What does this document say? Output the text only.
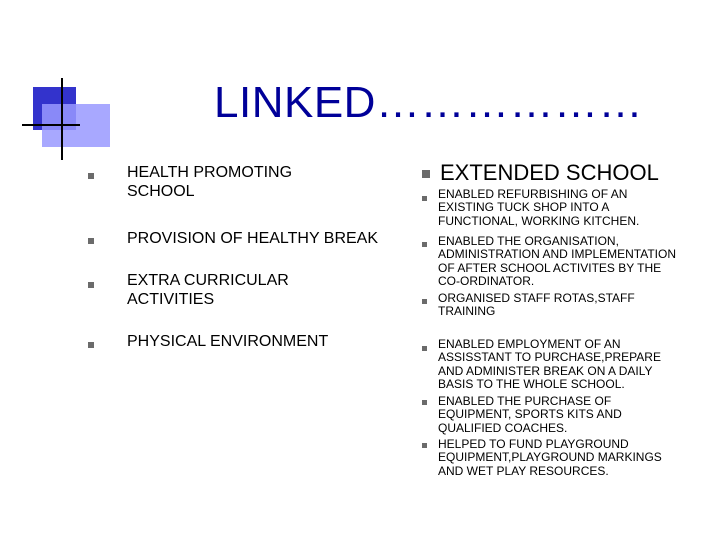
LINKED………………
HEALTH PROMOTING SCHOOL
PROVISION OF HEALTHY BREAK
EXTRA CURRICULAR ACTIVITIES
PHYSICAL ENVIRONMENT
EXTENDED SCHOOL
ENABLED REFURBISHING OF AN EXISTING TUCK SHOP INTO A FUNCTIONAL, WORKING KITCHEN.
ENABLED THE ORGANISATION, ADMINISTRATION AND IMPLEMENTATION OF AFTER SCHOOL ACTIVITES BY THE CO-ORDINATOR.
ORGANISED STAFF ROTAS,STAFF TRAINING
ENABLED EMPLOYMENT OF AN ASSISSTANT TO PURCHASE,PREPARE AND ADMINISTER BREAK ON A DAILY BASIS TO THE WHOLE SCHOOL.
ENABLED THE PURCHASE OF EQUIPMENT, SPORTS KITS AND QUALIFIED COACHES.
HELPED TO FUND PLAYGROUND EQUIPMENT,PLAYGROUND MARKINGS AND WET PLAY RESOURCES.
